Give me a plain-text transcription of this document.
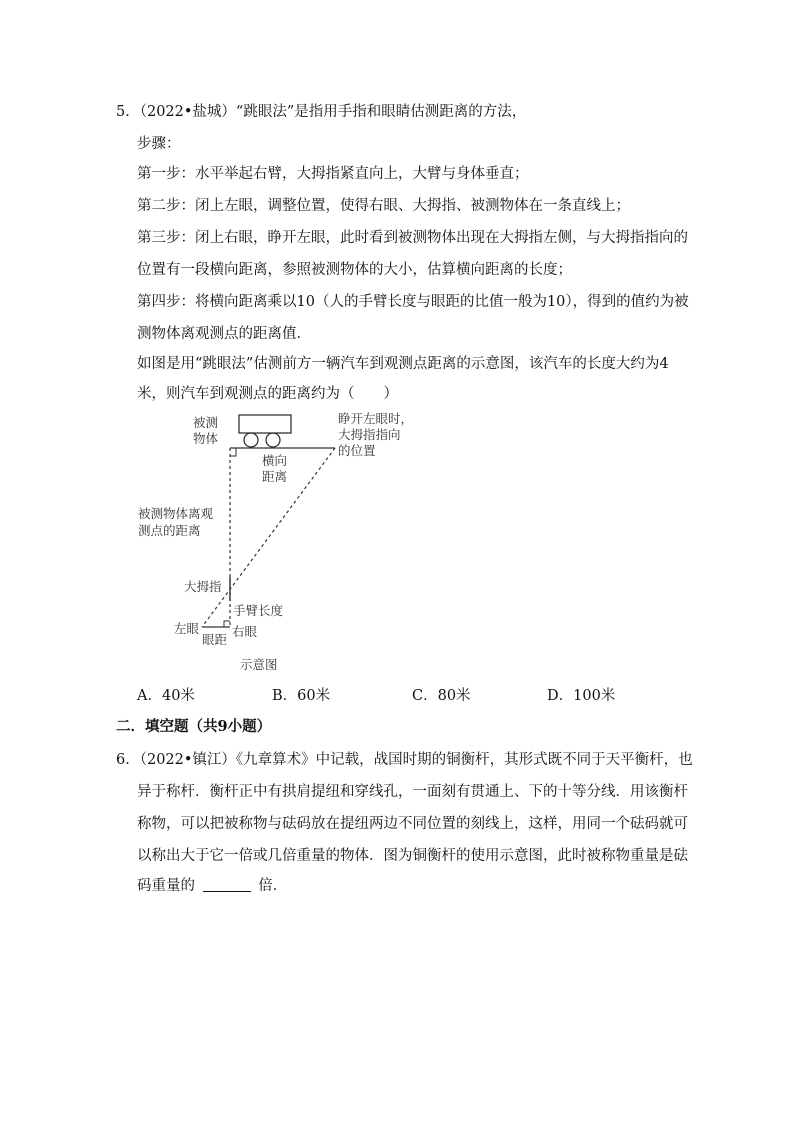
5．（2022•盐城）“跳眼法”是指用手指和眼睛估测距离的方法，
步骤：
第一步：水平举起右臂，大拇指紧直向上，大臂与身体垂直；
第二步：闭上左眼，调整位置，使得右眼、大拇指、被测物体在一条直线上；
第三步：闭上右眼，睁开左眼，此时看到被测物体出现在大拇指左侧，与大拇指指向的
位置有一段横向距离，参照被测物体的大小，估算横向距离的长度；
第四步：将横向距离乘以10（人的手臂长度与眼距的比值一般为10），得到的值约为被
测物体离观测点的距离值．
如图是用“跳眼法”估测前方一辆汽车到观测点距离的示意图，该汽车的长度大约为4
米，则汽车到观测点的距离约为（　　）
被测
物体
睁开左眼时，
大拇指指向
的位置
横向
距离
被测物体离观
测点的距离
大拇指
手臂长度
左眼	右眼
眼距
示意图
A．40米	B．60米	C．80米	D．100米
二．填空题（共9小题）
6．（2022•镇江）《九章算术》中记载，战国时期的铜衡杆，其形式既不同于天平衡杆，也
异于称杆．衡杆正中有拱肩提纽和穿线孔，一面刻有贯通上、下的十等分线．用该衡杆
称物，可以把被称物与砝码放在提纽两边不同位置的刻线上，这样，用同一个砝码就可
以称出大于它一倍或几倍重量的物体．图为铜衡杆的使用示意图，此时被称物重量是砝
码重量的	倍．
